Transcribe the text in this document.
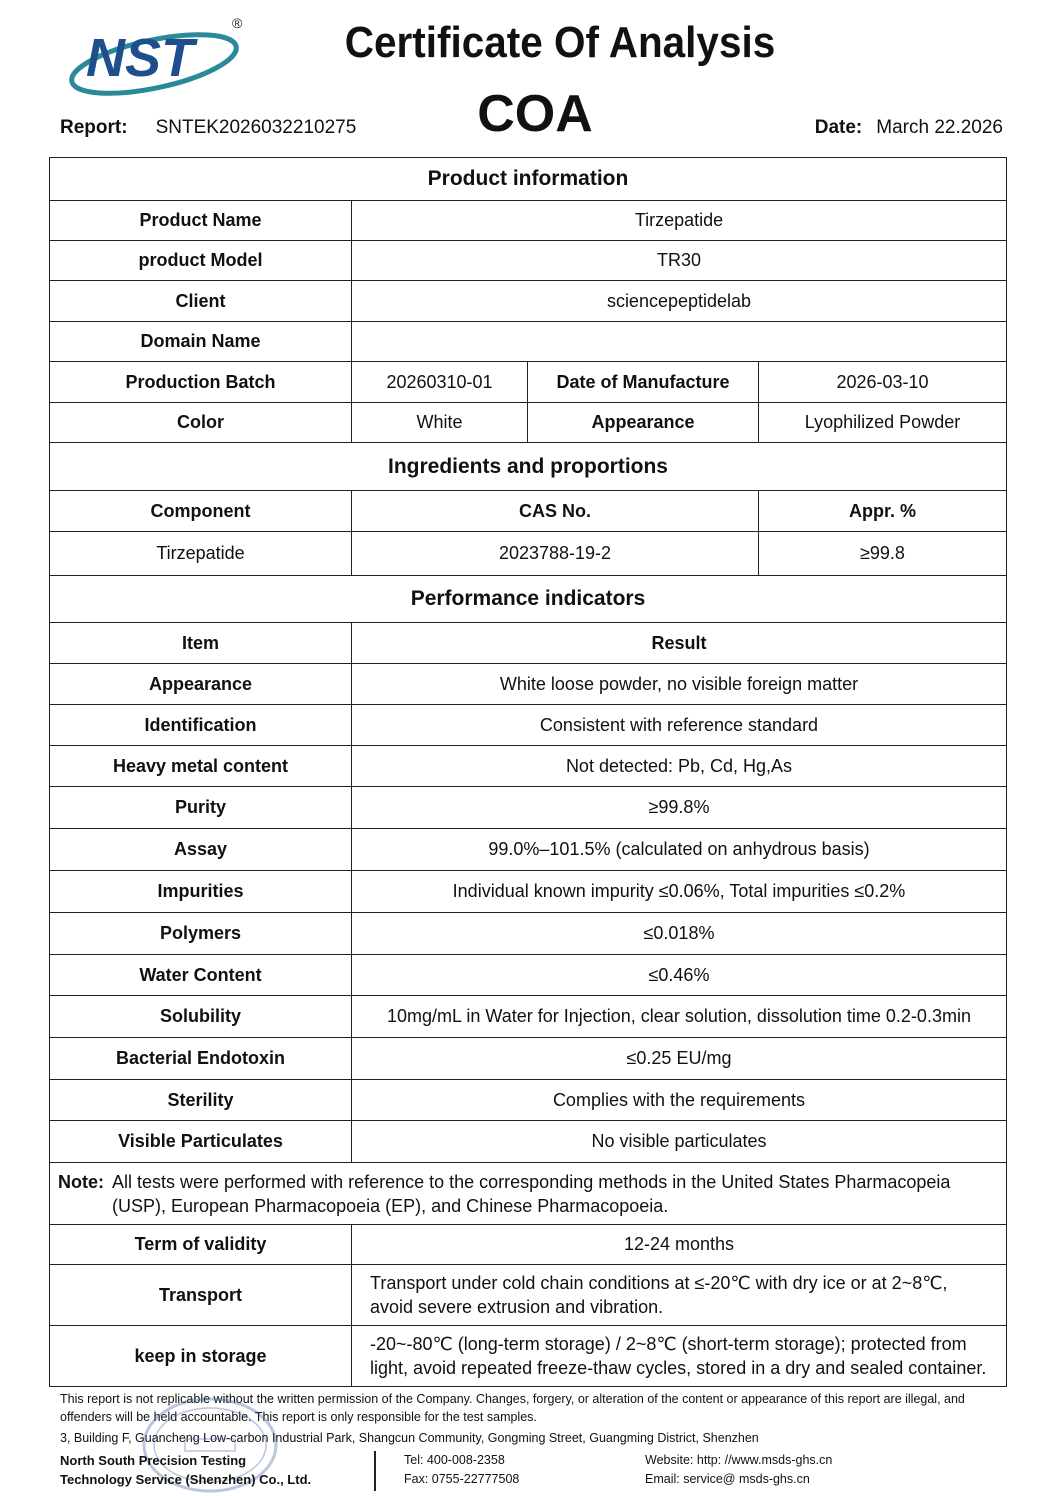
NST
®	Certificate Of Analysis
COA
Report: SNTEK2026032210275	Date: March 22.2026
Product information			
Product Name	Tirzepatide		
product Model	TR30		
Client	sciencepeptidelab		
Domain Name			
Production Batch	20260310-01	Date of Manufacture	2026-03-10
Color	White	Appearance	Lyophilized Powder
Ingredients and proportions			
Component	CAS No.		Appr. %
Tirzepatide	2023788-19-2		≥99.8
Performance indicators			
Item	Result		
Appearance	White loose powder, no visible foreign matter		
Identification	Consistent with reference standard		
Heavy metal content	Not detected: Pb, Cd, Hg,As		
Purity	≥99.8%		
Assay	99.0%–101.5% (calculated on anhydrous basis)		
Impurities	Individual known impurity ≤0.06%, Total impurities ≤0.2%		
Polymers	≤0.018%		
Water Content	≤0.46%		
Solubility	10mg/mL in Water for Injection, clear solution, dissolution time 0.2-0.3min		
Bacterial Endotoxin	≤0.25 EU/mg		
Sterility	Complies with the requirements		
Visible Particulates	No visible particulates		

Note: All tests were performed with reference to the corresponding methods in the United States Pharmacopeia (USP), European Pharmacopoeia (EP), and Chinese Pharmacopoeia.			

Term of validity	12-24 months		
Transport	Transport under cold chain conditions at ≤-20℃ with dry ice or at 2~8℃, avoid severe extrusion and vibration.		
keep in storage	-20~-80℃ (long-term storage) / 2~8℃ (short-term storage); protected from light, avoid repeated freeze-thaw cycles, stored in a dry and sealed container.		
This report is not replicable without the written permission of the Company. Changes, forgery, or alteration of the content or appearance of this report are illegal, and offenders will be held accountable. This report is only responsible for the test samples.
3, Building F, Guancheng Low-carbon Industrial Park, Shangcun Community, Gongming Street, Guangming District, Shenzhen
North South Precision Testing
Technology Service (Shenzhen) Co., Ltd.
Tel: 400-008-2358
Fax: 0755-22777508
Website: http: //www.msds-ghs.cn
Email: service@ msds-ghs.cn
